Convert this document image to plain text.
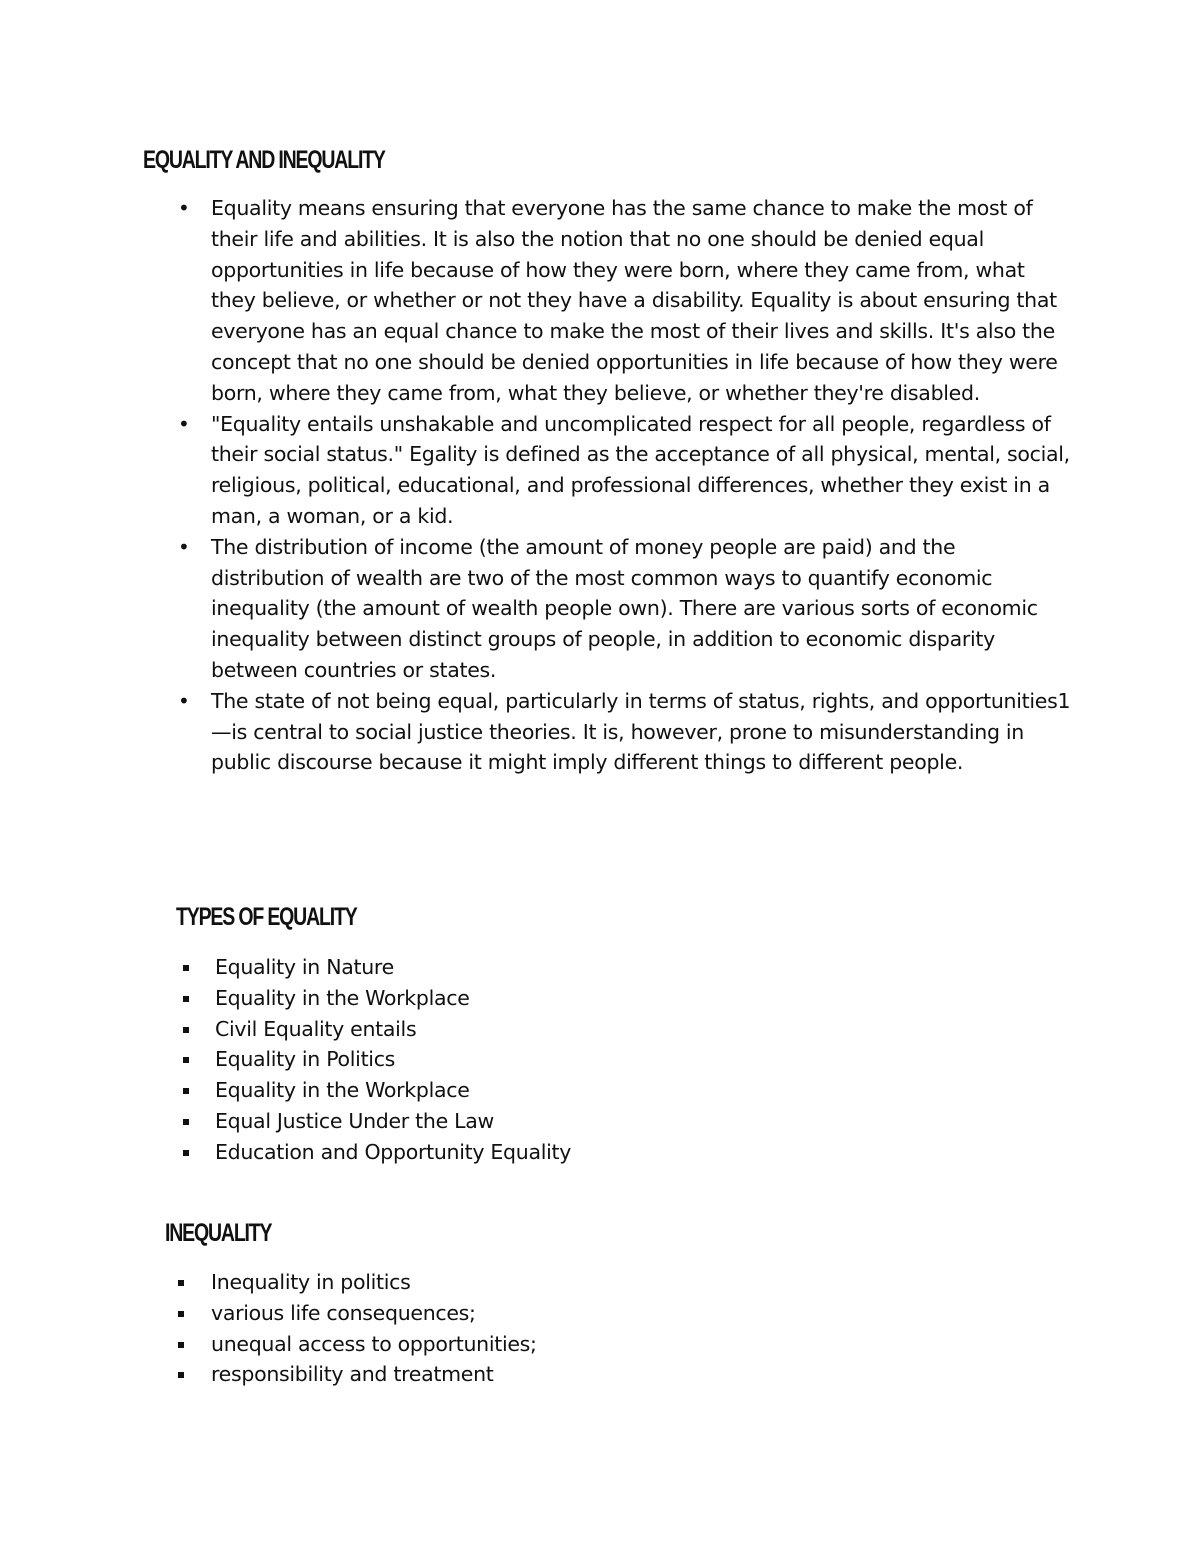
EQUALITY AND INEQUALITY
• Equality means ensuring that everyone has the same chance to make the most of their life and abilities. It is also the notion that no one should be denied equal opportunities in life because of how they were born, where they came from, what they believe, or whether or not they have a disability. Equality is about ensuring that everyone has an equal chance to make the most of their lives and skills. It's also the concept that no one should be denied opportunities in life because of how they were born, where they came from, what they believe, or whether they're disabled.
• "Equality entails unshakable and uncomplicated respect for all people, regardless of their social status." Egality is defined as the acceptance of all physical, mental, social, religious, political, educational, and professional differences, whether they exist in a man, a woman, or a kid.
• The distribution of income (the amount of money people are paid) and the distribution of wealth are two of the most common ways to quantify economic inequality (the amount of wealth people own). There are various sorts of economic inequality between distinct groups of people, in addition to economic disparity between countries or states.
• The state of not being equal, particularly in terms of status, rights, and opportunities1—is central to social justice theories. It is, however, prone to misunderstanding in public discourse because it might imply different things to different people.
TYPES OF EQUALITY
Equality in Nature
Equality in the Workplace
Civil Equality entails
Equality in Politics
Equality in the Workplace
Equal Justice Under the Law
Education and Opportunity Equality
INEQUALITY
Inequality in politics
various life consequences;
unequal access to opportunities;
responsibility and treatment
